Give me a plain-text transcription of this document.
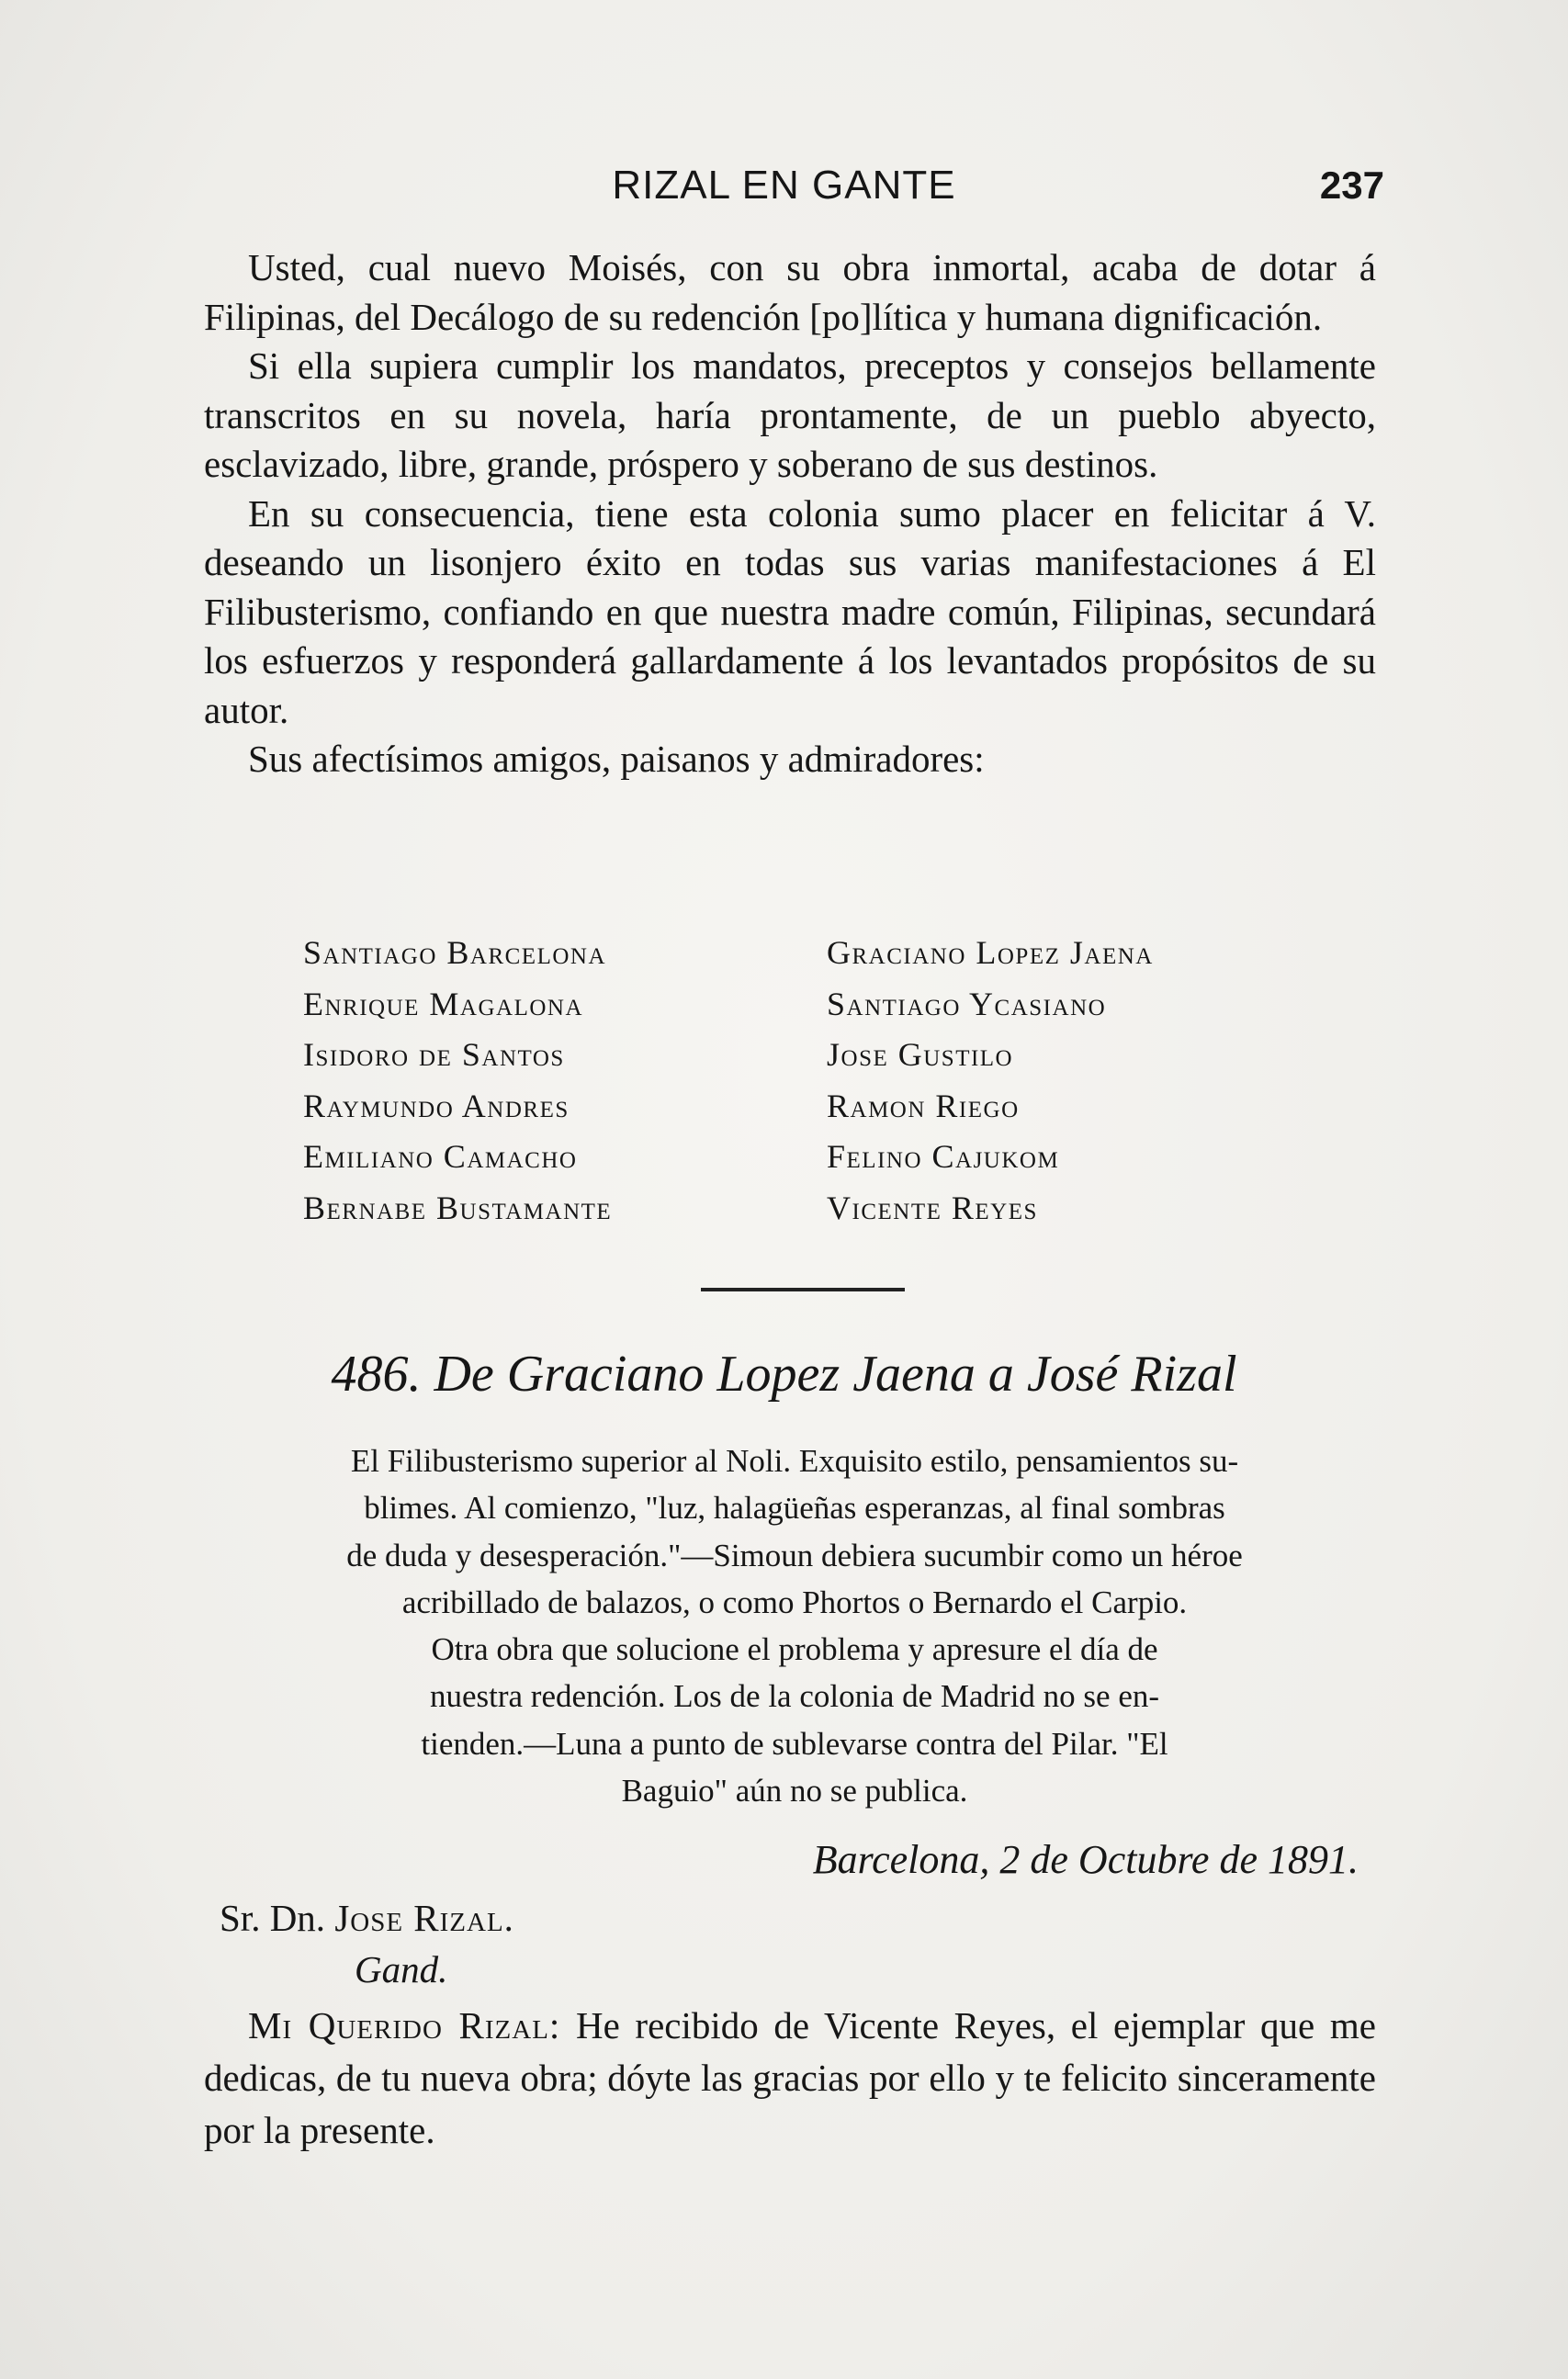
RIZAL EN GANTE	237

Usted, cual nuevo Moisés, con su obra inmortal, acaba de dotar á Filipinas, del Decálogo de su redención [po]lítica y humana dignificación.

Si ella supiera cumplir los mandatos, preceptos y consejos bellamente transcritos en su novela, haría prontamente, de un pueblo abyecto, esclavizado, libre, grande, próspero y soberano de sus destinos.

En su consecuencia, tiene esta colonia sumo placer en felicitar á V. deseando un lisonjero éxito en todas sus varias manifestaciones á El Filibusterismo, confiando en que nuestra madre común, Filipinas, secundará los esfuerzos y responderá gallardamente á los levantados propósitos de su autor.

Sus afectísimos amigos, paisanos y admiradores:

Santiago Barcelona
Enrique Magalona
Isidoro de Santos
Raymundo Andres
Emiliano Camacho
Bernabe Bustamante
Graciano Lopez Jaena
Santiago Ycasiano
Jose Gustilo
Ramon Riego
Felino Cajukom
Vicente Reyes
486. De Graciano Lopez Jaena a José Rizal
El Filibusterismo superior al Noli. Exquisito estilo, pensamientos su-
blimes. Al comienzo, "luz, halagüeñas esperanzas, al final sombras
de duda y desesperación."—Simoun debiera sucumbir como un héroe
acribillado de balazos, o como Phortos o Bernardo el Carpio.
Otra obra que solucione el problema y apresure el día de
nuestra redención. Los de la colonia de Madrid no se en-
tienden.—Luna a punto de sublevarse contra del Pilar. "El
Baguio" aún no se publica.
Barcelona, 2 de Octubre de 1891.
Sr. Dn. Jose Rizal.
Gand.

Mi Querido Rizal: He recibido de Vicente Reyes, el ejemplar que me dedicas, de tu nueva obra; dóyte las gracias por ello y te felicito sinceramente por la presente.
